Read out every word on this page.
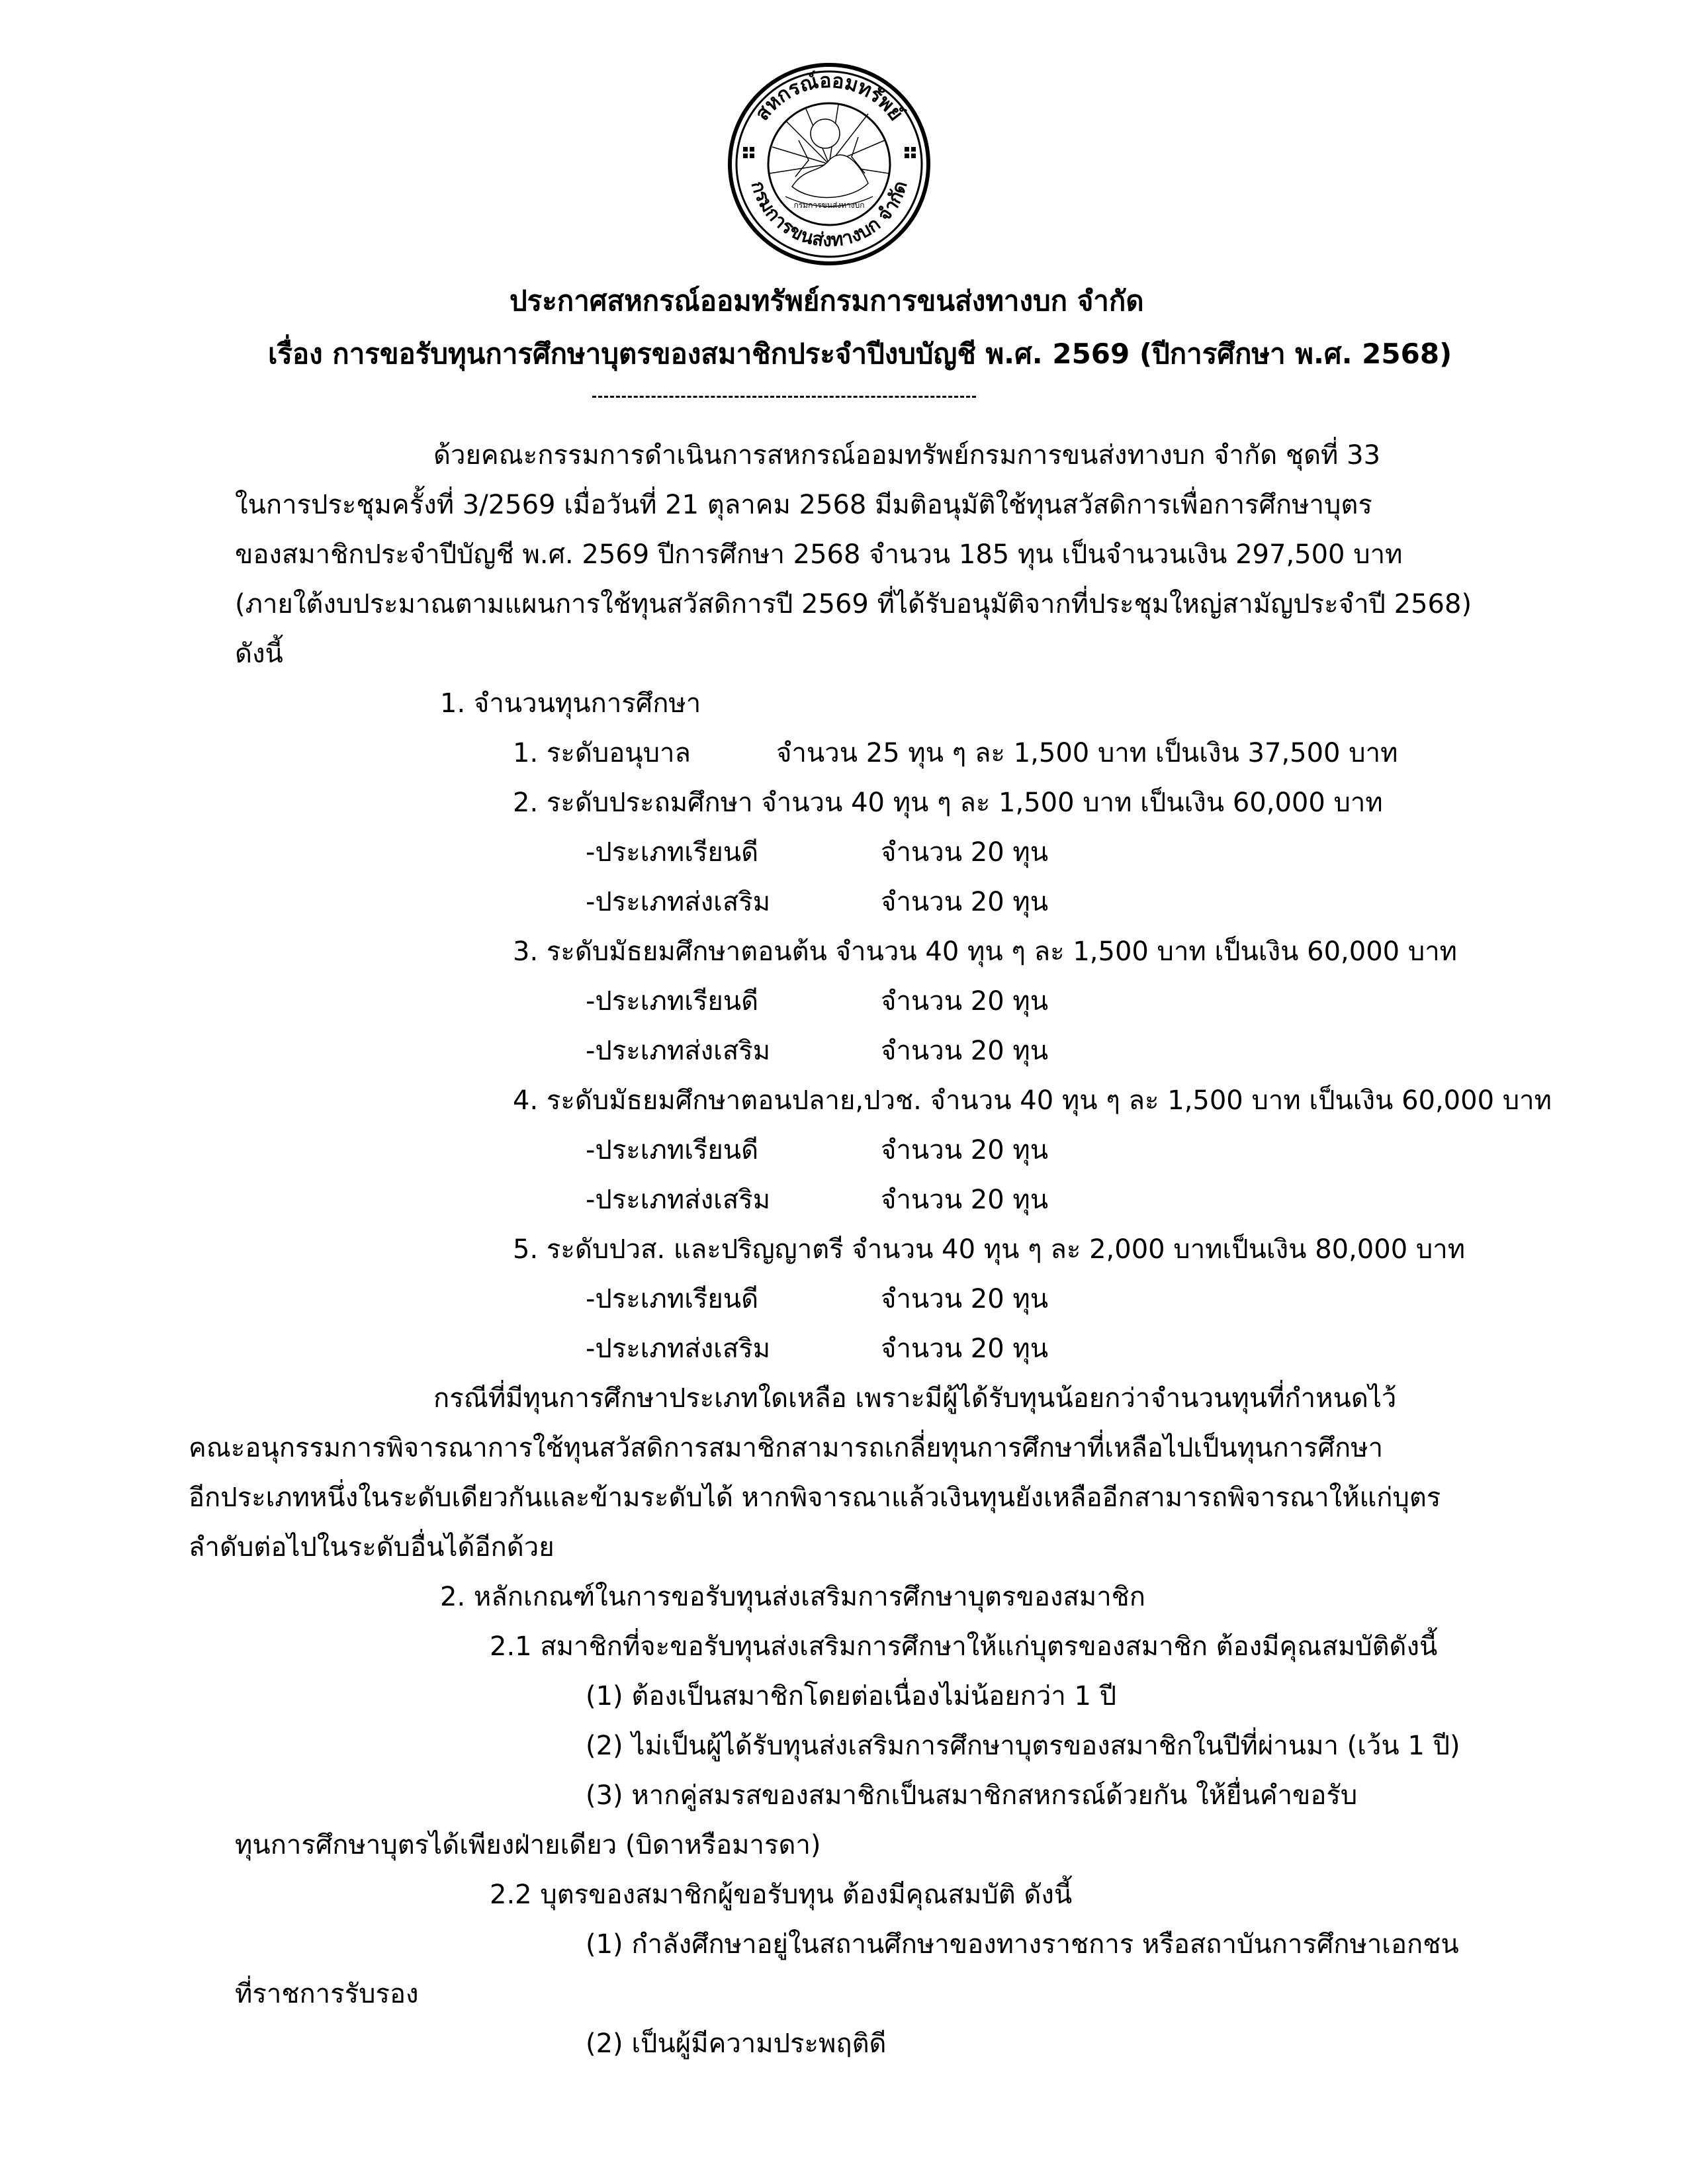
สหกรณ์ออมทรัพย์
กรมการขนส่งทางบก จำกัด
กรมการขนส่งทางบก
ประกาศสหกรณ์ออมทรัพย์กรมการขนส่งทางบก จำกัด
เรื่อง การขอรับทุนการศึกษาบุตรของสมาชิกประจำปีงบบัญชี พ.ศ. 2569 (ปีการศึกษา พ.ศ. 2568)
ด้วยคณะกรรมการดำเนินการสหกรณ์ออมทรัพย์กรมการขนส่งทางบก จำกัด ชุดที่ 33
ในการประชุมครั้งที่ 3/2569 เมื่อวันที่ 21 ตุลาคม 2568 มีมติอนุมัติใช้ทุนสวัสดิการเพื่อการศึกษาบุตร
ของสมาชิกประจำปีบัญชี พ.ศ. 2569 ปีการศึกษา 2568 จำนวน 185 ทุน เป็นจำนวนเงิน 297,500 บาท
(ภายใต้งบประมาณตามแผนการใช้ทุนสวัสดิการปี 2569 ที่ได้รับอนุมัติจากที่ประชุมใหญ่สามัญประจำปี 2568)
ดังนี้
1. จำนวนทุนการศึกษา
1. ระดับอนุบาล	จำนวน 25 ทุน ๆ ละ 1,500 บาท เป็นเงิน 37,500 บาท
2. ระดับประถมศึกษา จำนวน 40 ทุน ๆ ละ 1,500 บาท เป็นเงิน 60,000 บาท
-ประเภทเรียนดี	จำนวน 20 ทุน
-ประเภทส่งเสริม	จำนวน 20 ทุน
3. ระดับมัธยมศึกษาตอนต้น จำนวน 40 ทุน ๆ ละ 1,500 บาท เป็นเงิน 60,000 บาท
-ประเภทเรียนดี	จำนวน 20 ทุน
-ประเภทส่งเสริม	จำนวน 20 ทุน
4. ระดับมัธยมศึกษาตอนปลาย,ปวช. จำนวน 40 ทุน ๆ ละ 1,500 บาท เป็นเงิน 60,000 บาท
-ประเภทเรียนดี	จำนวน 20 ทุน
-ประเภทส่งเสริม	จำนวน 20 ทุน
5. ระดับปวส. และปริญญาตรี จำนวน 40 ทุน ๆ ละ 2,000 บาทเป็นเงิน 80,000 บาท
-ประเภทเรียนดี	จำนวน 20 ทุน
-ประเภทส่งเสริม	จำนวน 20 ทุน
กรณีที่มีทุนการศึกษาประเภทใดเหลือ เพราะมีผู้ได้รับทุนน้อยกว่าจำนวนทุนที่กำหนดไว้
คณะอนุกรรมการพิจารณาการใช้ทุนสวัสดิการสมาชิกสามารถเกลี่ยทุนการศึกษาที่เหลือไปเป็นทุนการศึกษา
อีกประเภทหนึ่งในระดับเดียวกันและข้ามระดับได้ หากพิจารณาแล้วเงินทุนยังเหลืออีกสามารถพิจารณาให้แก่บุตร
ลำดับต่อไปในระดับอื่นได้อีกด้วย
2. หลักเกณฑ์ในการขอรับทุนส่งเสริมการศึกษาบุตรของสมาชิก
2.1 สมาชิกที่จะขอรับทุนส่งเสริมการศึกษาให้แก่บุตรของสมาชิก ต้องมีคุณสมบัติดังนี้
(1) ต้องเป็นสมาชิกโดยต่อเนื่องไม่น้อยกว่า 1 ปี
(2) ไม่เป็นผู้ได้รับทุนส่งเสริมการศึกษาบุตรของสมาชิกในปีที่ผ่านมา (เว้น 1 ปี)
(3) หากคู่สมรสของสมาชิกเป็นสมาชิกสหกรณ์ด้วยกัน ให้ยื่นคำขอรับ
ทุนการศึกษาบุตรได้เพียงฝ่ายเดียว (บิดาหรือมารดา)
2.2 บุตรของสมาชิกผู้ขอรับทุน ต้องมีคุณสมบัติ ดังนี้
(1) กำลังศึกษาอยู่ในสถานศึกษาของทางราชการ หรือสถาบันการศึกษาเอกชน
ที่ราชการรับรอง
(2) เป็นผู้มีความประพฤติดี
